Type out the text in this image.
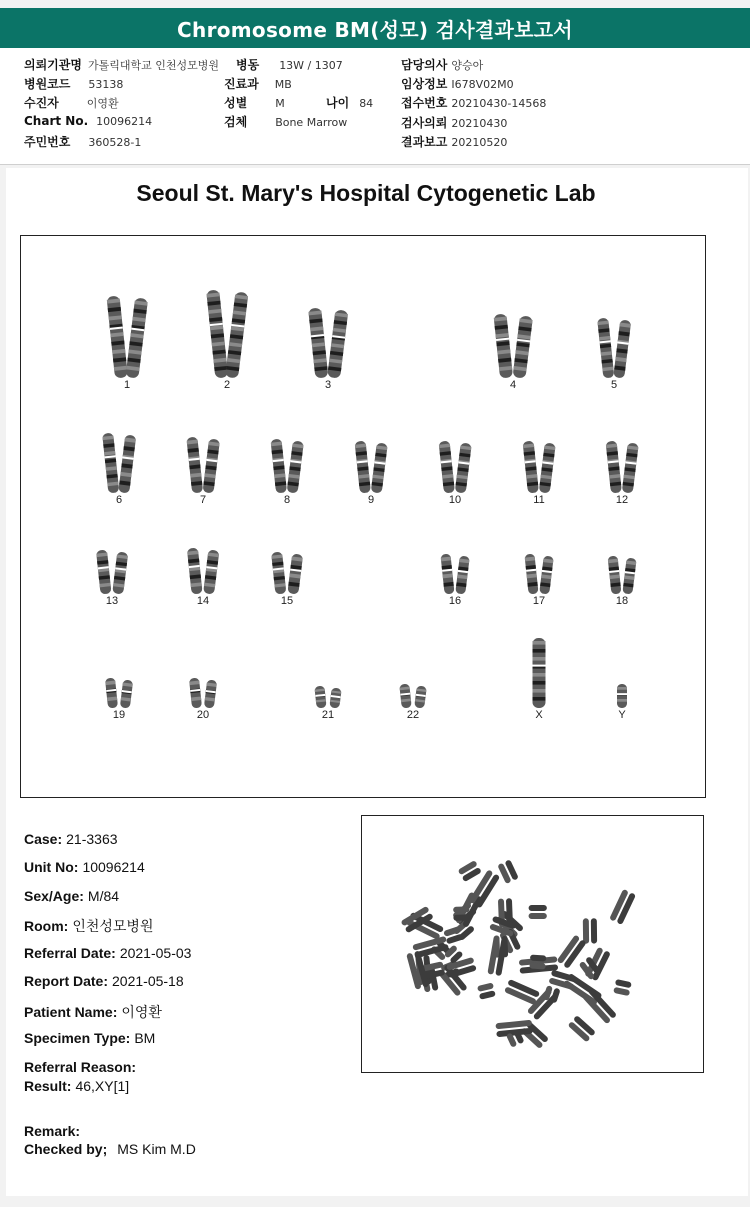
Chromosome BM(성모) 검사결과보고서
의뢰기관명 가톨릭대학교 인천성모병원
병원코드 53138
수진자	이영환
Chart No. 10096214
주민번호 360528-1
병동 13W / 1307
진료과 MB
성별	M	나이 84
검체	Bone Marrow
담당의사 양승아
임상정보 I678V02M0
접수번호 20210430-14568
검사의뢰 20210430
결과보고 20210520
Seoul St. Mary's Hospital Cytogenetic Lab
1	2	3	4	5
6	7	8	9	10	11	12
13	14	15	16	17	18
19	20	21	22	X	Y
Case: 21-3363
Unit No: 10096214
Sex/Age: M/84
Room: 인천성모병원
Referral Date: 2021-05-03
Report Date: 2021-05-18
Patient Name: 이영환
Specimen Type: BM
Referral Reason:
Result: 46,XY[1]
Remark:
Checked by; MS Kim M.D
